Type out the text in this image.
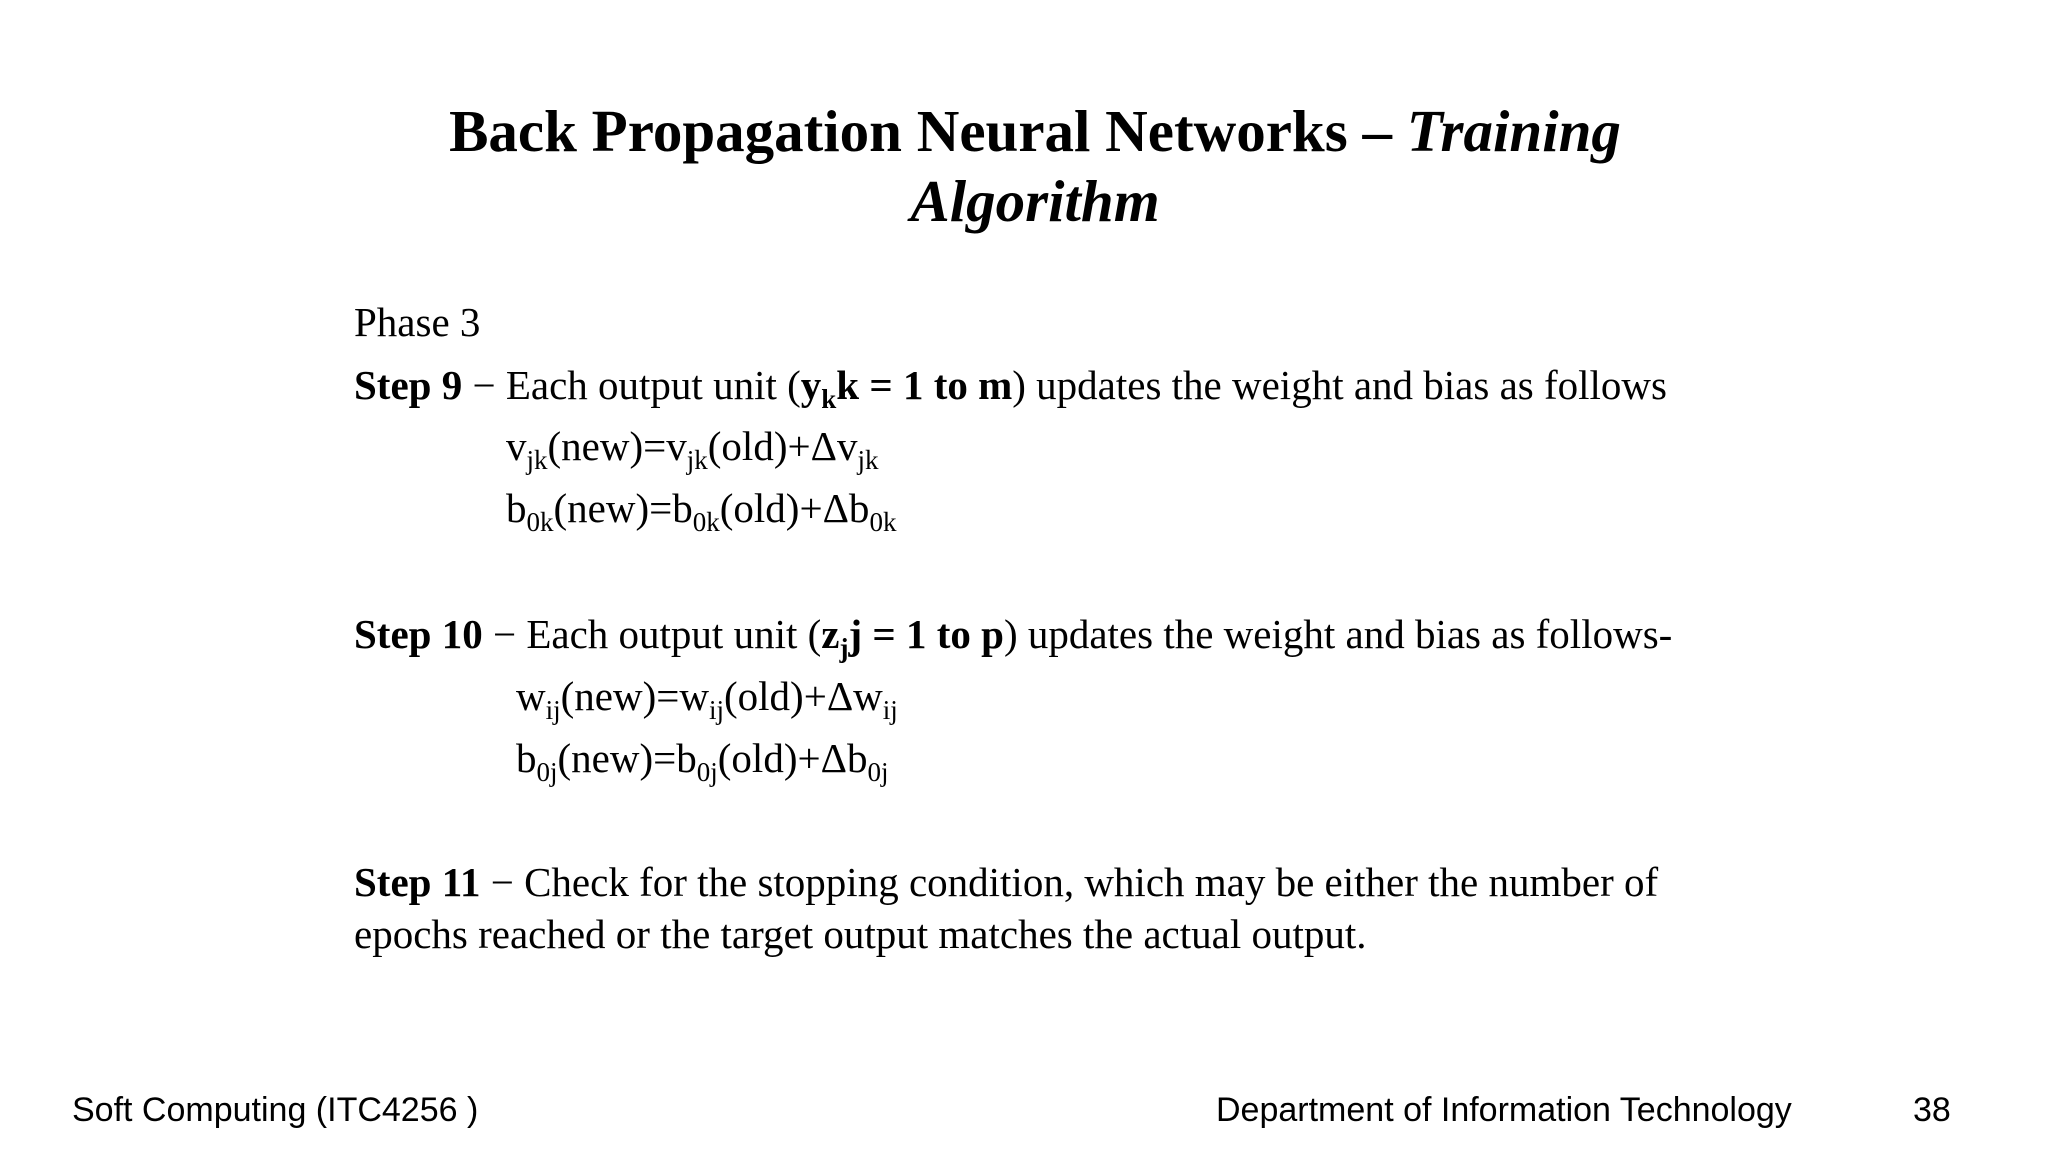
Back Propagation Neural Networks – Training
Algorithm
Phase 3
Step 9 − Each output unit ($y_kk = 1$ to m) updates the weight and bias as follows
$v_{jk}(new)=v_{jk}(old)+\Delta v_{jk}$
$b_{0k}(new)=b_{0k}(old)+\Delta b_{0k}$
Step 10 − Each output unit ($z_jj = 1$ to p) updates the weight and bias as follows-
$w_{ij}(new)=w_{ij}(old)+\Delta w_{ij}$
$b_{0j}(new)=b_{0j}(old)+\Delta b_{0j}$
Step 11 − Check for the stopping condition, which may be either the number of
epochs reached or the target output matches the actual output.
Soft Computing (ITC4256 )	Department of Information Technology	38
